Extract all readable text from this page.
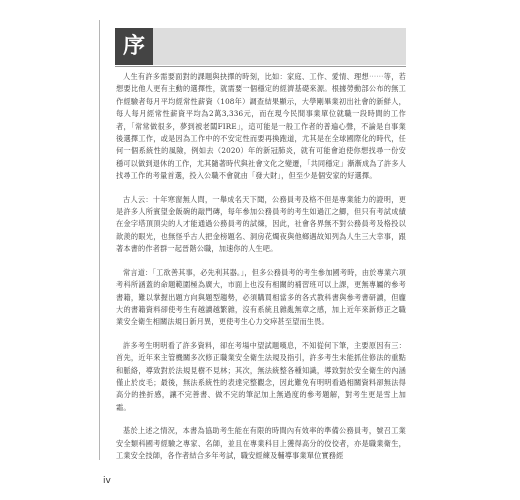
序

人生有許多需要面對的課題與抉擇的時刻，比如：家庭、工作、愛情、理想⋯⋯等，若想要比他人更有主動的選擇性，就需要一個穩定的經濟基礎來源。根據勞動部公布的無工作經驗者每月平均經常性薪資（108年）調查結果顯示，大學剛畢業初出社會的新鮮人，每人每月經常性薪資平均為2萬3,336元，而在現今民間事業單位就職一段時間的工作者，「常常做很多，夢到被老闆FIRE」，這可能是一般工作者的普遍心聲，不論是自事業後選擇工作，或是因為工作中的不安定性而要再換跑道，尤其是在全球國際化的時代，任何一個系統性的風險，例如去（2020）年的新冠肺炎，就有可能會迫使你想找尋一份安穩可以做到退休的工作，尤其隨著時代與社會文化之變遷，「共同穩定」漸漸成為了許多人找尋工作的考量首選，投入公職不會就由「發大財」，但至少是個安家的好選擇。

古人云：十年寒窗無人問，一舉成名天下聞，公務員考及格不但是專業能力的證明，更是許多人所賓望金飯碗的敲門磚，每年參加公務員考的考生如過江之鯽，但只有考試成績在金字塔頂頂尖的人才能通過公務員考的試煉，因此，社會各界無不對公務員考及格投以歆羨的眼光，也無怪乎古人把金榜題名、洞房花燭夜與他鄉遇故知列為人生三大幸事，跟著本書的作者群一起晉階公職，加速你的人生吧。

常言道：「工欲善其事，必先利其器。」，但多公務員考的考生參加國考時，由於專業六項考科所涵蓋的命題範圍極為廣大，市面上也沒有相關的補習班可以上課，更無專屬的參考書籍，難以掌握出題方向與題型趨勢，必須購買相當多的各式教科書與參考書研讀，但龐大的書籍資料卻使考生有越讀越繁雜，沒有系統且雜亂無章之感，加上近年來新修正之職業安全衛生相關法規日新月異，更使考生心力交瘁甚至望而生畏。

許多考生明明看了許多資料，卻在考場中望試題嘆息，不知從何下筆，主要原因有三：首先，近年來主管機關多次修正職業安全衛生法規及指引，許多考生未能抓住修法的重點和脈絡，導致對於法規見樹不見林；其次，無法統整各種知識，導致對於安全衛生的內涵僅止於皮毛；最後，無法系統性的表達完整觀念，因此難免有明明看過相關資料卻無法得高分的挫折感，讓不完善書、做不完的筆記加上無過度的參考題解，對考生更是雪上加霜。

基於上述之情況，本書為協助考生能在有限的時間內有效率的準備公務員考，號召工業安全類科國考經驗之專家、名師，並且在專業科目上獲得高分的佼佼者，亦是職業衛生，工業安全技師，各作者結合多年考試，職安經練及輔導事業單位實務經

iv
